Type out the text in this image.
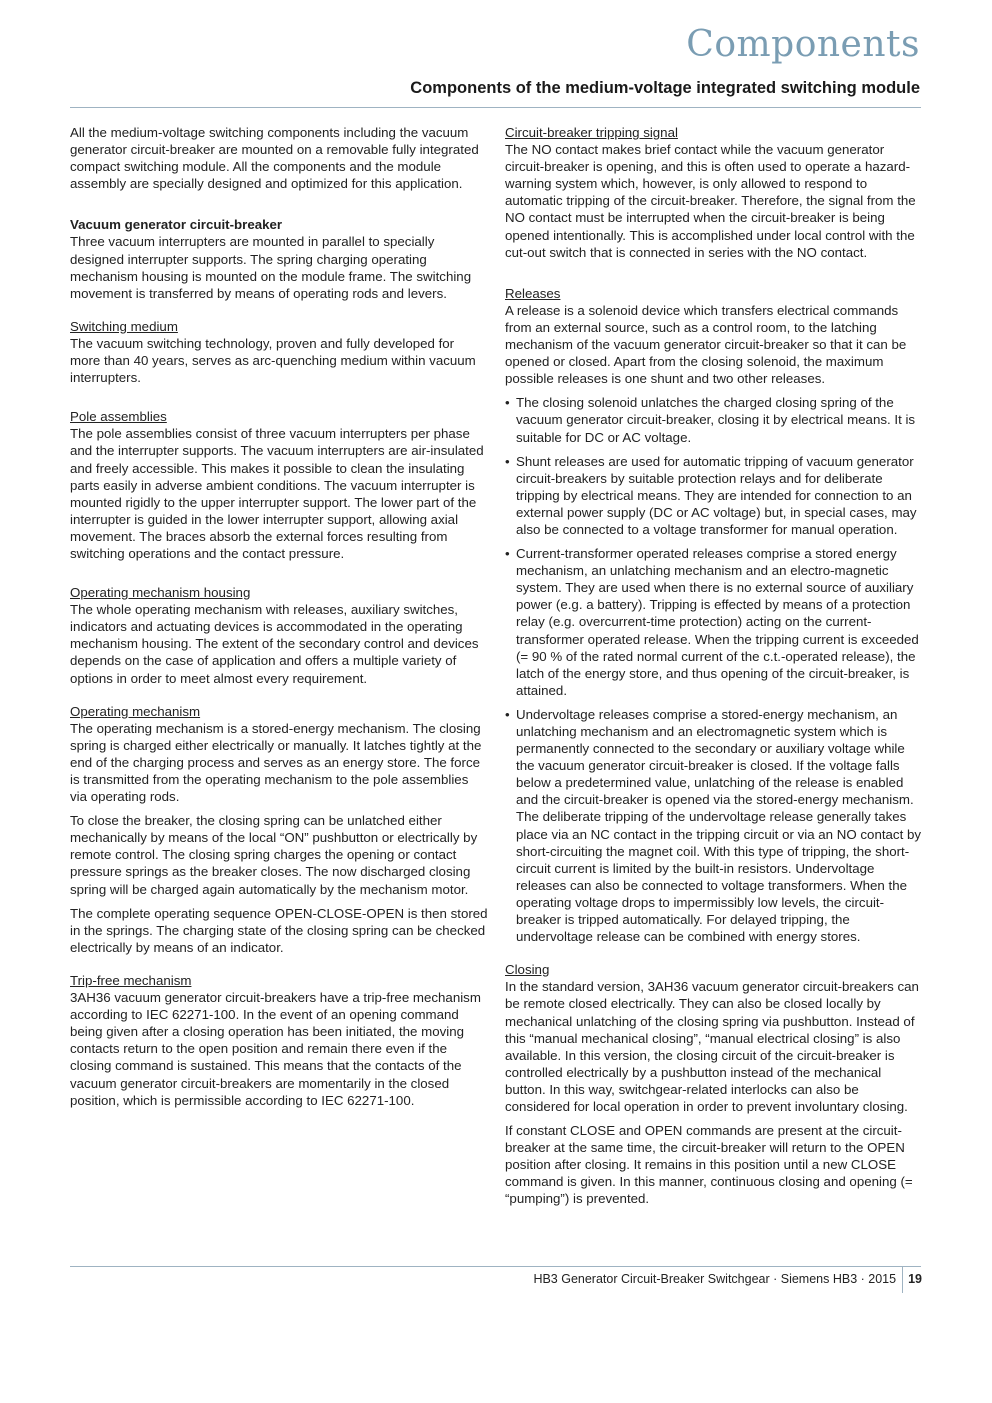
Components
Components of the medium-voltage integrated switching module

All the medium-voltage switching components including the vacuum generator circuit-breaker are mounted on a removable fully integrated compact switching module. All the components and the module assembly are specially designed and optimized for this application.

Vacuum generator circuit-breaker

Three vacuum interrupters are mounted in parallel to specially designed interrupter supports. The spring charging operating mechanism housing is mounted on the module frame. The switching movement is transferred by means of operating rods and levers.

Switching medium

The vacuum switching technology, proven and fully developed for more than 40 years, serves as arc-quenching medium within vacuum interrupters.

Pole assemblies

The pole assemblies consist of three vacuum interrupters per phase and the interrupter supports. The vacuum interrupters are air-insulated and freely accessible. This makes it possible to clean the insulating parts easily in adverse ambient conditions. The vacuum interrupter is mounted rigidly to the upper interrupter support. The lower part of the interrupter is guided in the lower interrupter support, allowing axial movement. The braces absorb the external forces resulting from switching operations and the contact pressure.

Operating mechanism housing

The whole operating mechanism with releases, auxiliary switches, indicators and actuating devices is accommodated in the operating mechanism housing. The extent of the secondary control and devices depends on the case of application and offers a multiple variety of options in order to meet almost every requirement.

Operating mechanism

The operating mechanism is a stored-energy mechanism. The closing spring is charged either electrically or manually. It latches tightly at the end of the charging process and serves as an energy store. The force is transmitted from the operating mechanism to the pole assemblies via operating rods.

To close the breaker, the closing spring can be unlatched either mechanically by means of the local “ON” pushbutton or electrically by remote control. The closing spring charges the opening or contact pressure springs as the breaker closes. The now discharged closing spring will be charged again automatically by the mechanism motor.

The complete operating sequence OPEN-CLOSE-OPEN is then stored in the springs. The charging state of the closing spring can be checked electrically by means of an indicator.

Trip-free mechanism

3AH36 vacuum generator circuit-breakers have a trip-free mechanism according to IEC 62271-100. In the event of an opening command being given after a closing operation has been initiated, the moving contacts return to the open position and remain there even if the closing command is sustained. This means that the contacts of the vacuum generator circuit-breakers are momentarily in the closed position, which is permissible according to IEC 62271-100.

Circuit-breaker tripping signal

The NO contact makes brief contact while the vacuum generator circuit-breaker is opening, and this is often used to operate a hazard-warning system which, however, is only allowed to respond to automatic tripping of the circuit-breaker. Therefore, the signal from the NO contact must be interrupted when the circuit-breaker is being opened intentionally. This is accomplished under local control with the cut-out switch that is connected in series with the NO contact.

Releases

A release is a solenoid device which transfers electrical commands from an external source, such as a control room, to the latching mechanism of the vacuum generator circuit-breaker so that it can be opened or closed. Apart from the closing solenoid, the maximum possible releases is one shunt and two other releases.

• The closing solenoid unlatches the charged closing spring of the vacuum generator circuit-breaker, closing it by electrical means. It is suitable for DC or AC voltage.
• Shunt releases are used for automatic tripping of vacuum generator circuit-breakers by suitable protection relays and for deliberate tripping by electrical means. They are intended for connection to an external power supply (DC or AC voltage) but, in special cases, may also be connected to a voltage transformer for manual operation.
• Current-transformer operated releases comprise a stored energy mechanism, an unlatching mechanism and an electro-magnetic system. They are used when there is no external source of auxiliary power (e.g. a battery). Tripping is effected by means of a protection relay (e.g. overcurrent-time protection) acting on the current-transformer operated release. When the tripping current is exceeded (= 90 % of the rated normal current of the c.t.-operated release), the latch of the energy store, and thus opening of the circuit-breaker, is attained.
• Undervoltage releases comprise a stored-energy mechanism, an unlatching mechanism and an electromagnetic system which is permanently connected to the secondary or auxiliary voltage while the vacuum generator circuit-breaker is closed. If the voltage falls below a predetermined value, unlatching of the release is enabled and the circuit-breaker is opened via the stored-energy mechanism. The deliberate tripping of the undervoltage release generally takes place via an NC contact in the tripping circuit or via an NO contact by short-circuiting the magnet coil. With this type of tripping, the short-circuit current is limited by the built-in resistors. Undervoltage releases can also be connected to voltage transformers. When the operating voltage drops to impermissibly low levels, the circuit-breaker is tripped automatically. For delayed tripping, the undervoltage release can be combined with energy stores.
Closing

In the standard version, 3AH36 vacuum generator circuit-breakers can be remote closed electrically. They can also be closed locally by mechanical unlatching of the closing spring via pushbutton. Instead of this “manual mechanical closing”, “manual electrical closing” is also available. In this version, the closing circuit of the circuit-breaker is controlled electrically by a pushbutton instead of the mechanical button. In this way, switchgear-related interlocks can also be considered for local operation in order to prevent involuntary closing.

If constant CLOSE and OPEN commands are present at the circuit-breaker at the same time, the circuit-breaker will return to the OPEN position after closing. It remains in this position until a new CLOSE command is given. In this manner, continuous closing and opening (= “pumping”) is prevented.

HB3 Generator Circuit-Breaker Switchgear · Siemens HB3 · 2015 19
